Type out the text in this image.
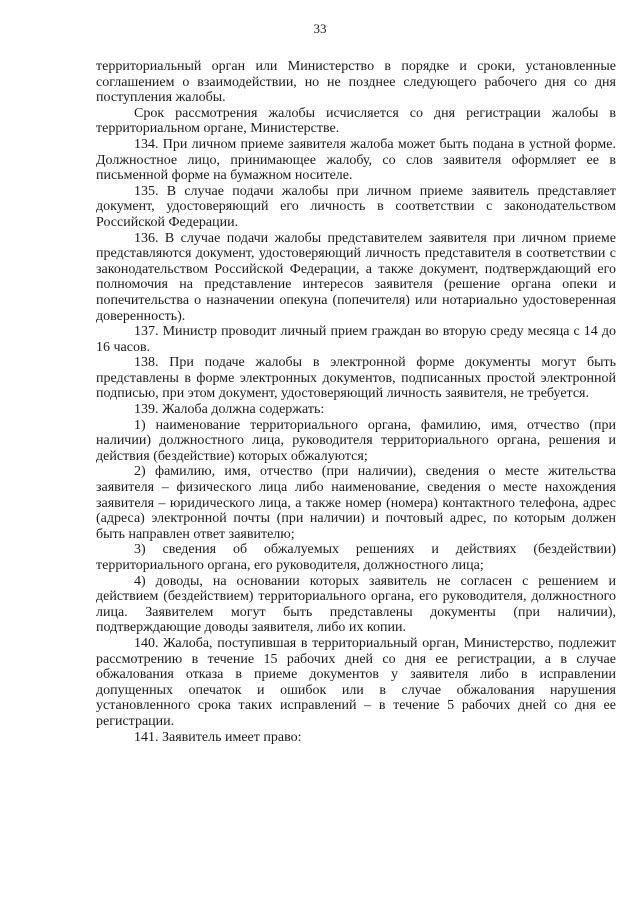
33

территориальный орган или Министерство в порядке и сроки, установленные соглашением о взаимодействии, но не позднее следующего рабочего дня со дня поступления жалобы.

Срок рассмотрения жалобы исчисляется со дня регистрации жалобы в территориальном органе, Министерстве.

134. При личном приеме заявителя жалоба может быть подана в устной форме. Должностное лицо, принимающее жалобу, со слов заявителя оформляет ее в письменной форме на бумажном носителе.

135. В случае подачи жалобы при личном приеме заявитель представляет документ, удостоверяющий его личность в соответствии с законодательством Российской Федерации.

136. В случае подачи жалобы представителем заявителя при личном приеме представляются документ, удостоверяющий личность представителя в соответствии с законодательством Российской Федерации, а также документ, подтверждающий его полномочия на представление интересов заявителя (решение органа опеки и попечительства о назначении опекуна (попечителя) или нотариально удостоверенная доверенность).

137. Министр проводит личный прием граждан во вторую среду месяца с 14 до 16 часов.

138. При подаче жалобы в электронной форме документы могут быть представлены в форме электронных документов, подписанных простой электронной подписью, при этом документ, удостоверяющий личность заявителя, не требуется.

139. Жалоба должна содержать:

1) наименование территориального органа, фамилию, имя, отчество (при наличии) должностного лица, руководителя территориального органа, решения и действия (бездействие) которых обжалуются;

2) фамилию, имя, отчество (при наличии), сведения о месте жительства заявителя – физического лица либо наименование, сведения о месте нахождения заявителя – юридического лица, а также номер (номера) контактного телефона, адрес (адреса) электронной почты (при наличии) и почтовый адрес, по которым должен быть направлен ответ заявителю;

3) сведения об обжалуемых решениях и действиях (бездействии) территориального органа, его руководителя, должностного лица;

4) доводы, на основании которых заявитель не согласен с решением и действием (бездействием) территориального органа, его руководителя, должностного лица. Заявителем могут быть представлены документы (при наличии), подтверждающие доводы заявителя, либо их копии.

140. Жалоба, поступившая в территориальный орган, Министерство, подлежит рассмотрению в течение 15 рабочих дней со дня ее регистрации, а в случае обжалования отказа в приеме документов у заявителя либо в исправлении допущенных опечаток и ошибок или в случае обжалования нарушения установленного срока таких исправлений – в течение 5 рабочих дней со дня ее регистрации.

141. Заявитель имеет право:
